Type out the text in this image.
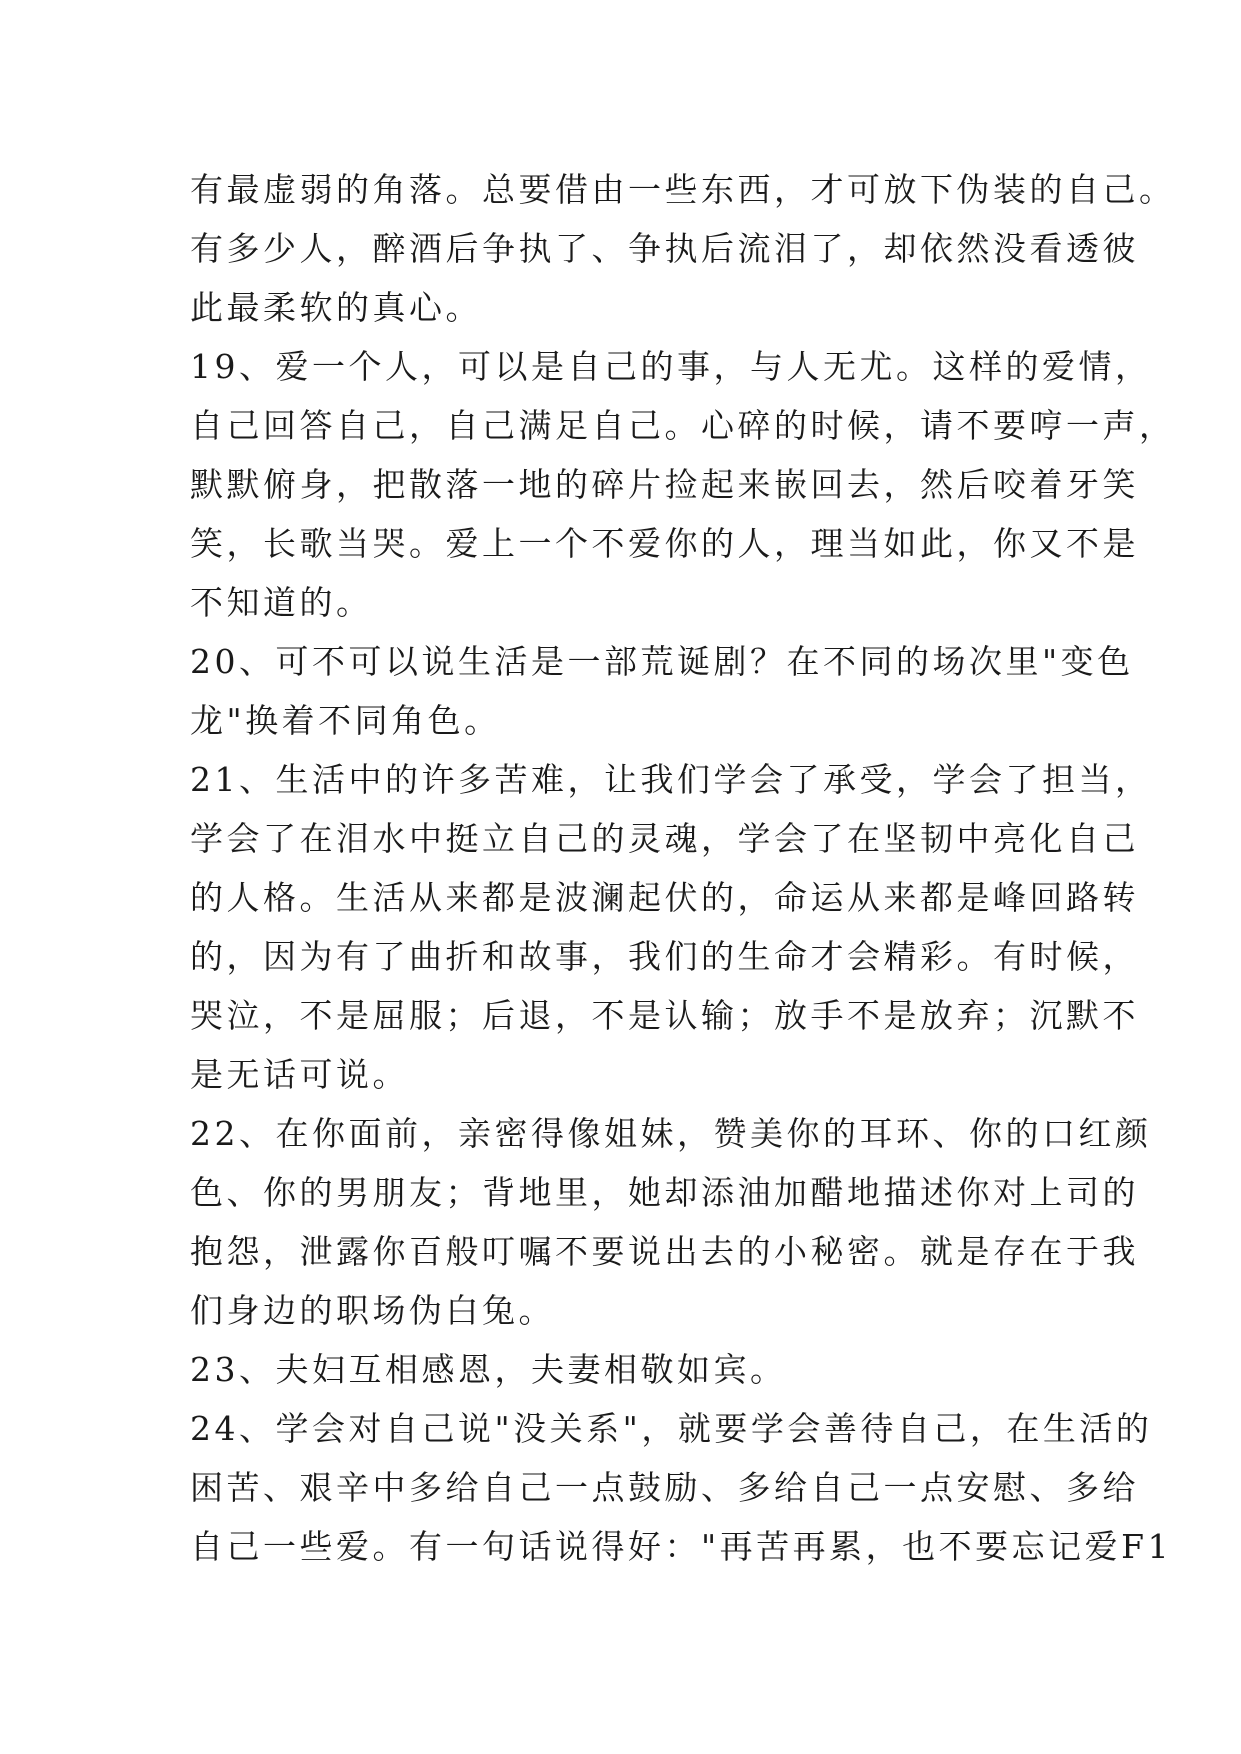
有最虚弱的角落。总要借由一些东西，才可放下伪装的自己。
有多少人，醉酒后争执了、争执后流泪了，却依然没看透彼
此最柔软的真心。
19、爱一个人，可以是自己的事，与人无尤。这样的爱情，
自己回答自己，自己满足自己。心碎的时候，请不要哼一声，
默默俯身，把散落一地的碎片捡起来嵌回去，然后咬着牙笑
笑，长歌当哭。爱上一个不爱你的人，理当如此，你又不是
不知道的。
20、可不可以说生活是一部荒诞剧？在不同的场次里"变色
龙"换着不同角色。
21、生活中的许多苦难，让我们学会了承受，学会了担当，
学会了在泪水中挺立自己的灵魂，学会了在坚韧中亮化自己
的人格。生活从来都是波澜起伏的，命运从来都是峰回路转
的，因为有了曲折和故事，我们的生命才会精彩。有时候，
哭泣，不是屈服；后退，不是认输；放手不是放弃；沉默不
是无话可说。
22、在你面前，亲密得像姐妹，赞美你的耳环、你的口红颜
色、你的男朋友；背地里，她却添油加醋地描述你对上司的
抱怨，泄露你百般叮嘱不要说出去的小秘密。就是存在于我
们身边的职场伪白兔。
23、夫妇互相感恩，夫妻相敬如宾。
24、学会对自己说"没关系"，就要学会善待自己，在生活的
困苦、艰辛中多给自己一点鼓励、多给自己一点安慰、多给
自己一些爱。有一句话说得好："再苦再累，也不要忘记爱F1
